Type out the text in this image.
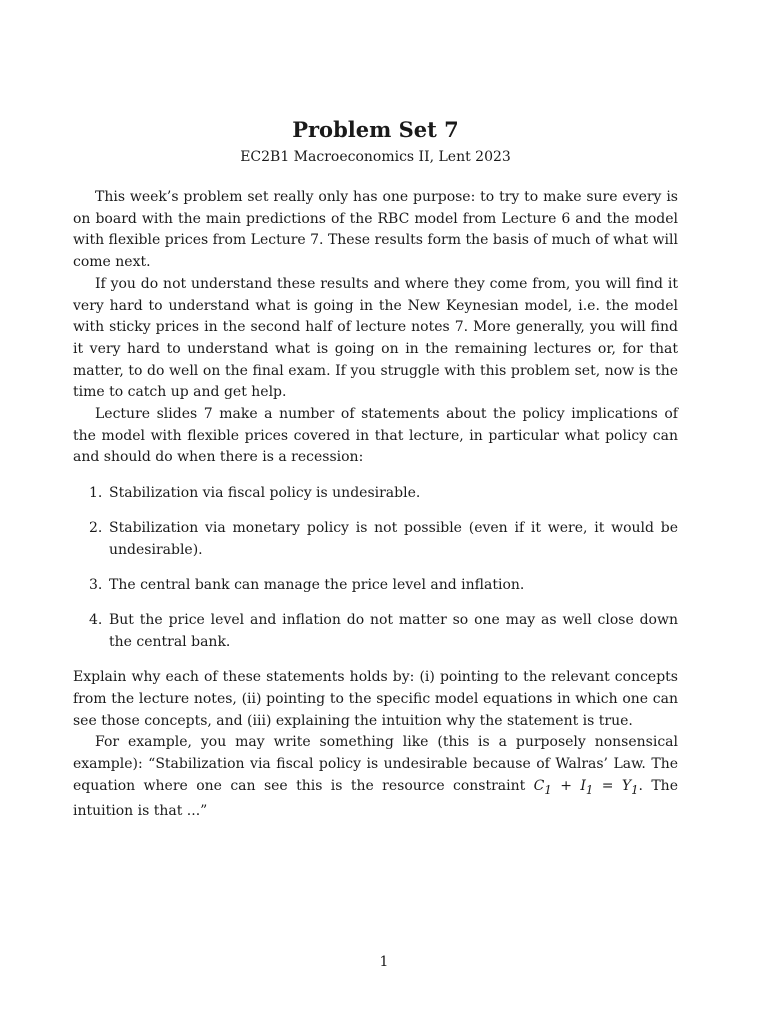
Problem Set 7
EC2B1 Macroeconomics II, Lent 2023

This week’s problem set really only has one purpose: to try to make sure every is on board with the main predictions of the RBC model from Lecture 6 and the model with flexible prices from Lecture 7. These results form the basis of much of what will come next.

If you do not understand these results and where they come from, you will find it very hard to understand what is going in the New Keynesian model, i.e. the model with sticky prices in the second half of lecture notes 7. More generally, you will find it very hard to understand what is going on in the remaining lectures or, for that matter, to do well on the final exam. If you struggle with this problem set, now is the time to catch up and get help.

Lecture slides 7 make a number of statements about the policy implications of the model with flexible prices covered in that lecture, in particular what policy can and should do when there is a recession:

1. Stabilization via fiscal policy is undesirable.
2. Stabilization via monetary policy is not possible (even if it were, it would be undesirable).
3. The central bank can manage the price level and inflation.
4. But the price level and inflation do not matter so one may as well close down the central bank.

Explain why each of these statements holds by: (i) pointing to the relevant concepts from the lecture notes, (ii) pointing to the specific model equations in which one can see those concepts, and (iii) explaining the intuition why the statement is true.

For example, you may write something like (this is a purposely nonsensical example): “Stabilization via fiscal policy is undesirable because of Walras’ Law. The equation where one can see this is the resource constraint $C_1 + I_1 = Y_1$. The intuition is that ...”

1
